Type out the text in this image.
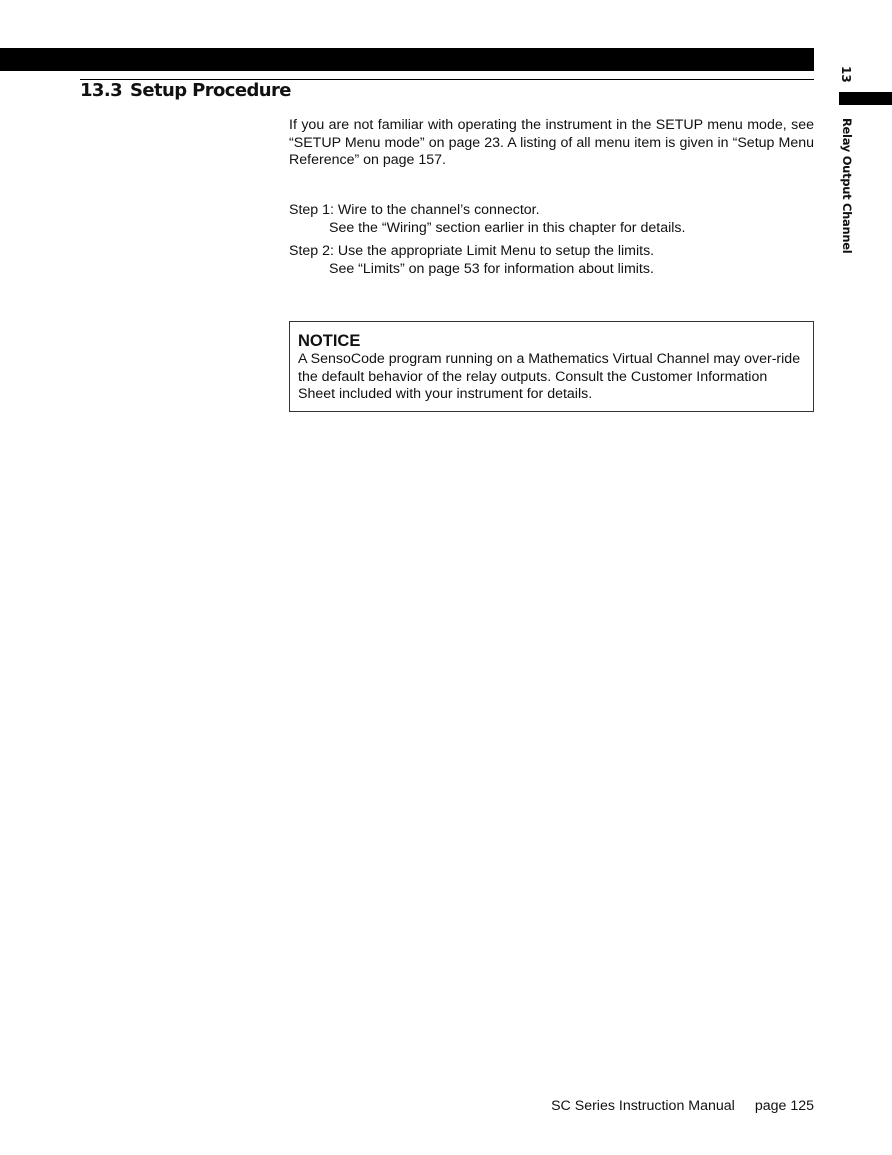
13.3 Setup Procedure

If you are not familiar with operating the instrument in the SETUP menu mode, see “SETUP Menu mode” on page 23. A listing of all menu item is given in “Setup Menu Reference” on page 157.

Step 1: Wire to the channel’s connector.
See the “Wiring” section earlier in this chapter for details.
Step 2: Use the appropriate Limit Menu to setup the limits.
See “Limits” on page 53 for information about limits.
NOTICE
A SensoCode program running on a Mathematics Virtual Channel may over-ride the default behavior of the relay outputs. Consult the Customer Information Sheet included with your instrument for details.
13
Relay Output Channel
SC Series Instruction Manual page 125
